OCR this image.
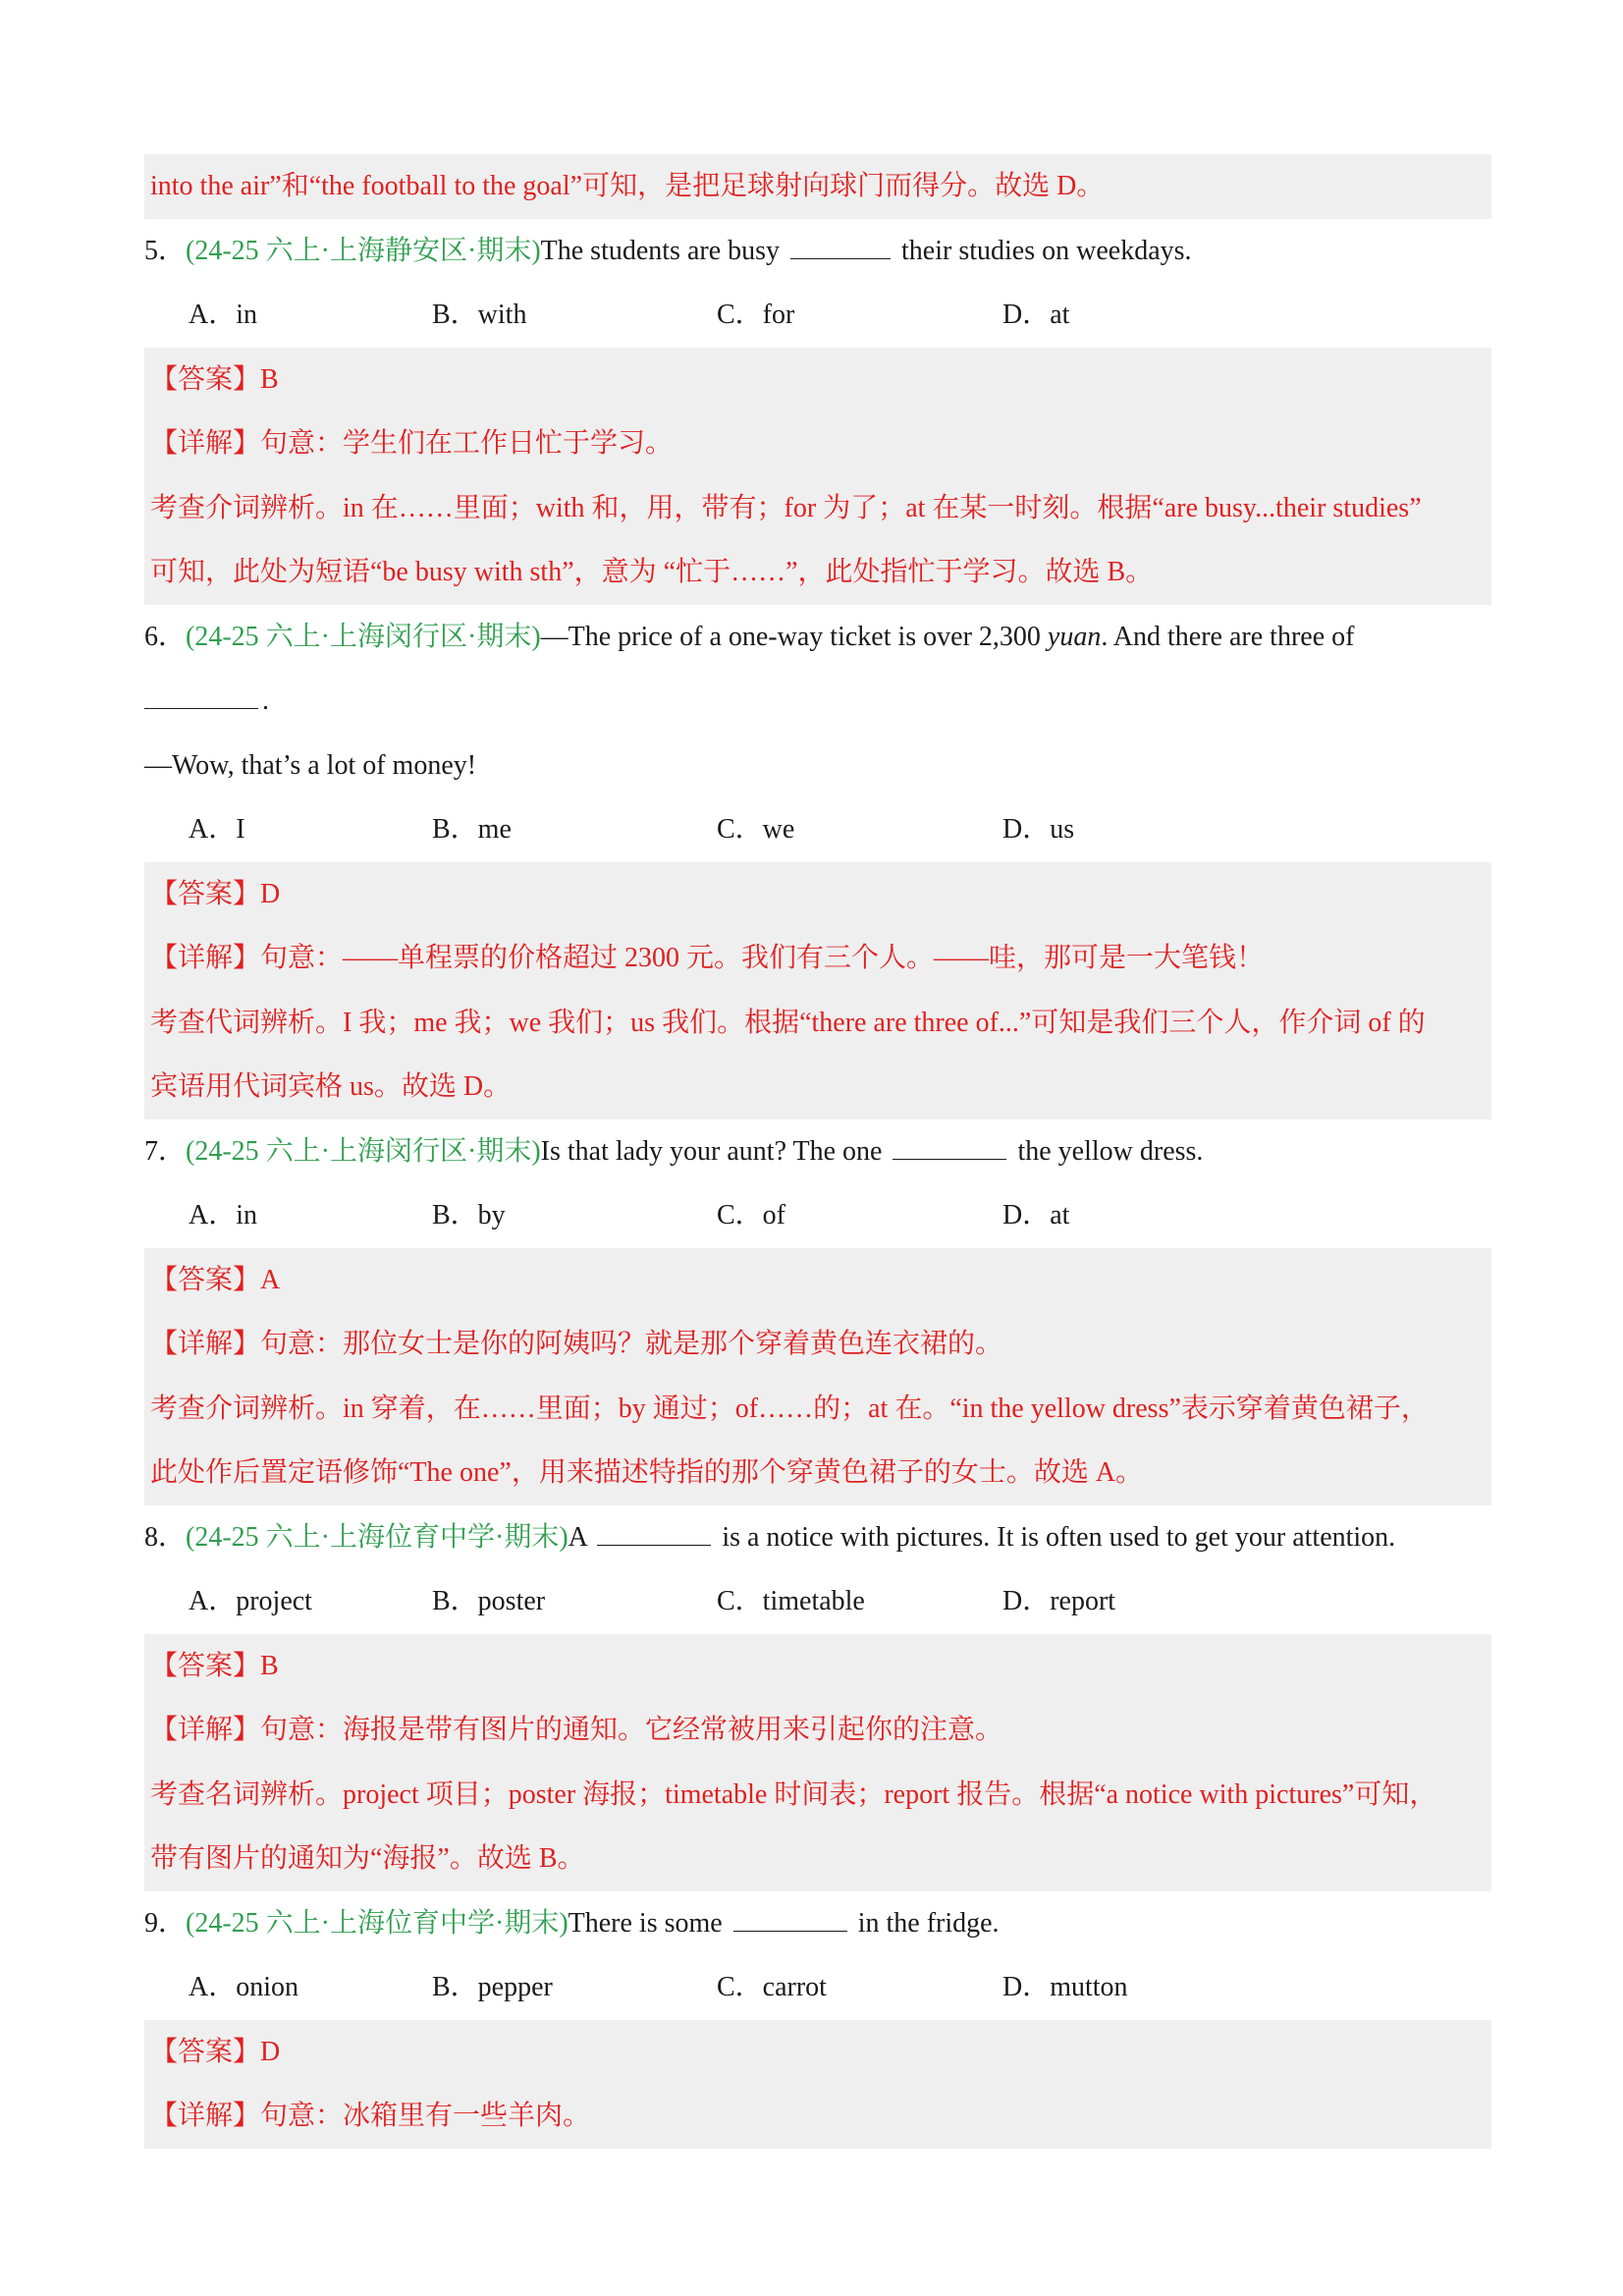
into the air”和“the football to the goal”可知，是把足球射向球门而得分。故选 D。
5．(24-25 六上·上海静安区·期末)The students are busy	their studies on weekdays.
A．in	B．with	C．for	D．at
【答案】B
【详解】句意：学生们在工作日忙于学习。
考查介词辨析。in 在……里面；with 和，用，带有；for 为了；at 在某一时刻。根据“are busy...their studies”
可知，此处为短语“be busy with sth”，意为 “忙于……”，此处指忙于学习。故选 B。
6．(24-25 六上·上海闵行区·期末)—The price of a one-way ticket is over 2,300 yuan. And there are three of
.
—Wow, that’s a lot of money!
A．I	B．me	C．we	D．us
【答案】D
【详解】句意：——单程票的价格超过 2300 元。我们有三个人。——哇，那可是一大笔钱！
考查代词辨析。I 我；me 我；we 我们；us 我们。根据“there are three of...”可知是我们三个人，作介词 of 的
宾语用代词宾格 us。故选 D。
7．(24-25 六上·上海闵行区·期末)Is that lady your aunt? The one	the yellow dress.
A．in	B．by	C．of	D．at
【答案】A
【详解】句意：那位女士是你的阿姨吗？就是那个穿着黄色连衣裙的。
考查介词辨析。in 穿着，在……里面；by 通过；of……的；at 在。“in the yellow dress”表示穿着黄色裙子，
此处作后置定语修饰“The one”，用来描述特指的那个穿黄色裙子的女士。故选 A。
8．(24-25 六上·上海位育中学·期末)A	is a notice with pictures. It is often used to get your attention.
A．project	B．poster	C．timetable	D．report
【答案】B
【详解】句意：海报是带有图片的通知。它经常被用来引起你的注意。
考查名词辨析。project 项目；poster 海报；timetable 时间表；report 报告。根据“a notice with pictures”可知，
带有图片的通知为“海报”。故选 B。
9．(24-25 六上·上海位育中学·期末)There is some	in the fridge.
A．onion	B．pepper	C．carrot	D．mutton
【答案】D
【详解】句意：冰箱里有一些羊肉。
